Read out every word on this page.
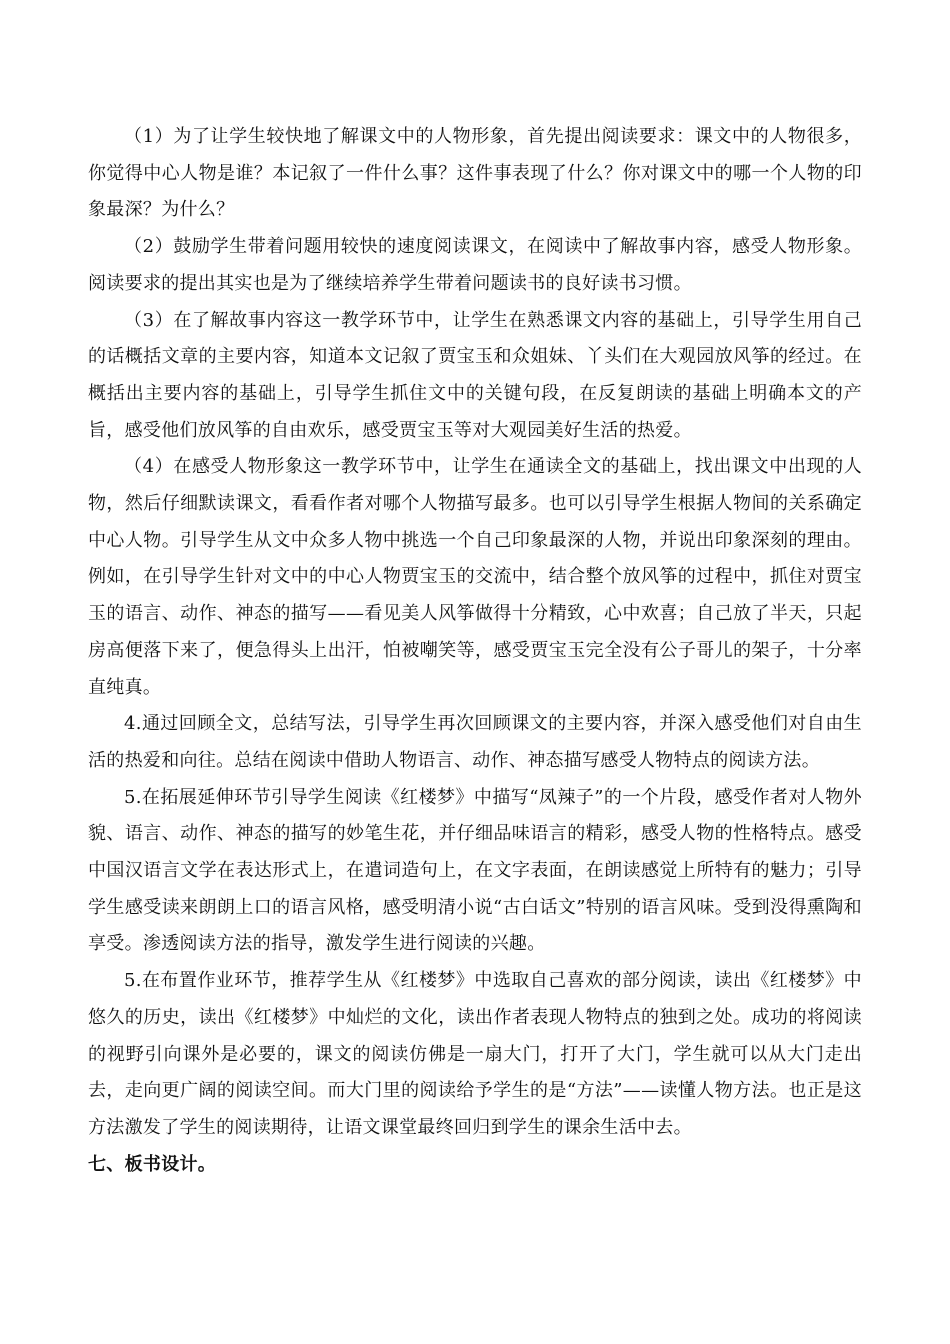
（1）为了让学生较快地了解课文中的人物形象，首先提出阅读要求：课文中的人物很多，你觉得中心人物是谁？本记叙了一件什么事？这件事表现了什么？你对课文中的哪一个人物的印象最深？为什么？

（2）鼓励学生带着问题用较快的速度阅读课文，在阅读中了解故事内容，感受人物形象。阅读要求的提出其实也是为了继续培养学生带着问题读书的良好读书习惯。

（3）在了解故事内容这一教学环节中，让学生在熟悉课文内容的基础上，引导学生用自己的话概括文章的主要内容，知道本文记叙了贾宝玉和众姐妹、丫头们在大观园放风筝的经过。在概括出主要内容的基础上，引导学生抓住文中的关键句段，在反复朗读的基础上明确本文的产旨，感受他们放风筝的自由欢乐，感受贾宝玉等对大观园美好生活的热爱。

（4）在感受人物形象这一教学环节中，让学生在通读全文的基础上，找出课文中出现的人物，然后仔细默读课文，看看作者对哪个人物描写最多。也可以引导学生根据人物间的关系确定中心人物。引导学生从文中众多人物中挑选一个自己印象最深的人物，并说出印象深刻的理由。例如，在引导学生针对文中的中心人物贾宝玉的交流中，结合整个放风筝的过程中，抓住对贾宝玉的语言、动作、神态的描写——看见美人风筝做得十分精致，心中欢喜；自己放了半天，只起房高便落下来了，便急得头上出汗，怕被嘲笑等，感受贾宝玉完全没有公子哥儿的架子，十分率直纯真。

4.通过回顾全文，总结写法，引导学生再次回顾课文的主要内容，并深入感受他们对自由生活的热爱和向往。总结在阅读中借助人物语言、动作、神态描写感受人物特点的阅读方法。

5.在拓展延伸环节引导学生阅读《红楼梦》中描写“凤辣子”的一个片段，感受作者对人物外貌、语言、动作、神态的描写的妙笔生花，并仔细品味语言的精彩，感受人物的性格特点。感受中国汉语言文学在表达形式上，在遣词造句上，在文字表面，在朗读感觉上所特有的魅力；引导学生感受读来朗朗上口的语言风格，感受明清小说“古白话文”特别的语言风味。受到没得熏陶和享受。渗透阅读方法的指导，激发学生进行阅读的兴趣。

5.在布置作业环节，推荐学生从《红楼梦》中选取自己喜欢的部分阅读，读出《红楼梦》中悠久的历史，读出《红楼梦》中灿烂的文化，读出作者表现人物特点的独到之处。成功的将阅读的视野引向课外是必要的，课文的阅读仿佛是一扇大门，打开了大门，学生就可以从大门走出去，走向更广阔的阅读空间。而大门里的阅读给予学生的是“方法”——读懂人物方法。也正是这方法激发了学生的阅读期待，让语文课堂最终回归到学生的课余生活中去。

七、板书设计。
